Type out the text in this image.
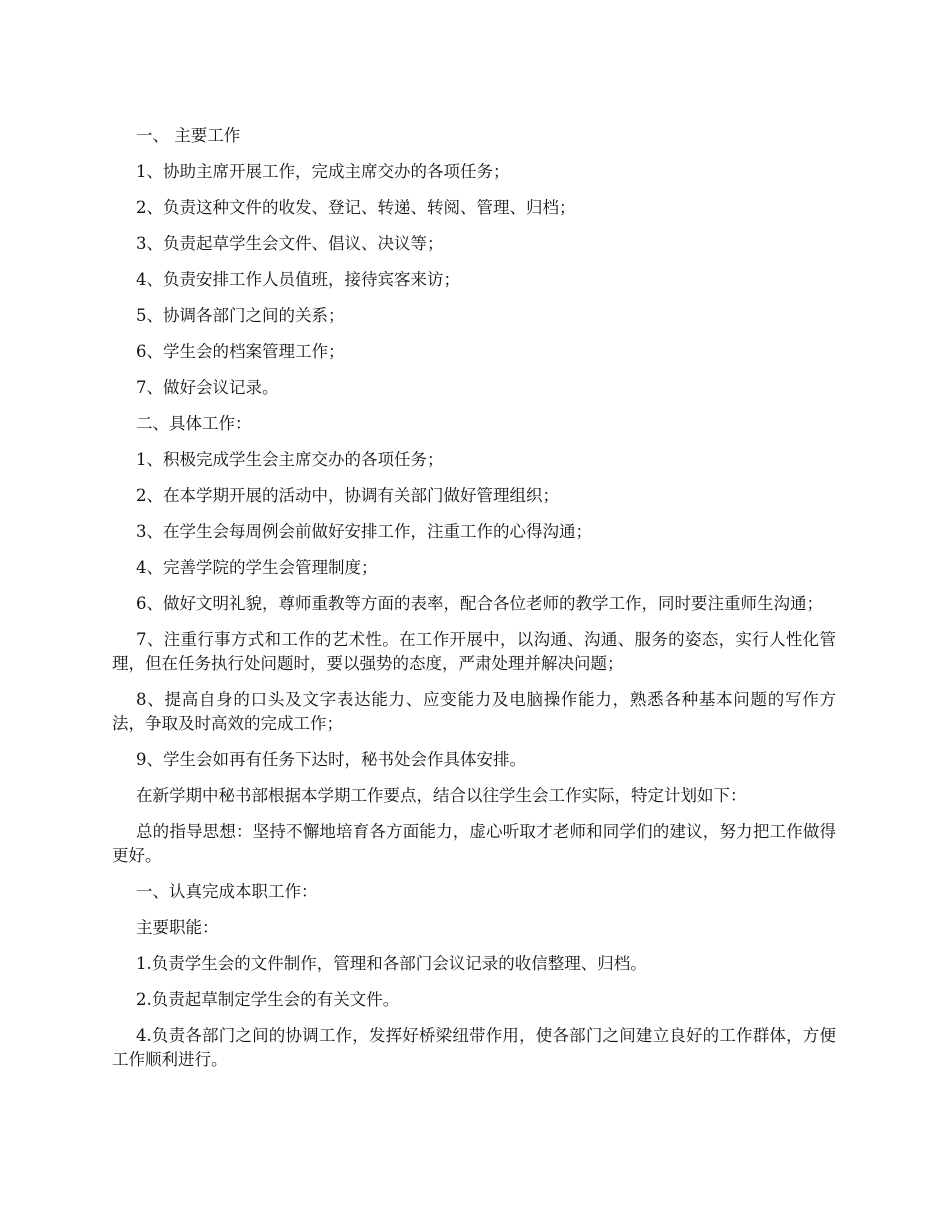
一、 主要工作

1、协助主席开展工作，完成主席交办的各项任务；

2、负责这种文件的收发、登记、转递、转阅、管理、归档；

3、负责起草学生会文件、倡议、决议等；

4、负责安排工作人员值班，接待宾客来访；

5、协调各部门之间的关系；

6、学生会的档案管理工作；

7、做好会议记录。

二、具体工作：

1、积极完成学生会主席交办的各项任务；

2、在本学期开展的活动中，协调有关部门做好管理组织；

3、在学生会每周例会前做好安排工作，注重工作的心得沟通；

4、完善学院的学生会管理制度；

6、做好文明礼貌，尊师重教等方面的表率，配合各位老师的教学工作，同时要注重师生沟通；

7、注重行事方式和工作的艺术性。在工作开展中，以沟通、沟通、服务的姿态，实行人性化管理，但在任务执行处问题时，要以强势的态度，严肃处理并解决问题；

8、提高自身的口头及文字表达能力、应变能力及电脑操作能力，熟悉各种基本问题的写作方法，争取及时高效的完成工作；

9、学生会如再有任务下达时，秘书处会作具体安排。

在新学期中秘书部根据本学期工作要点，结合以往学生会工作实际，特定计划如下：

总的指导思想：坚持不懈地培育各方面能力，虚心听取才老师和同学们的建议，努力把工作做得更好。

一、认真完成本职工作：

主要职能：

1.负责学生会的文件制作，管理和各部门会议记录的收信整理、归档。

2.负责起草制定学生会的有关文件。

4.负责各部门之间的协调工作，发挥好桥梁纽带作用，使各部门之间建立良好的工作群体，方便工作顺利进行。
